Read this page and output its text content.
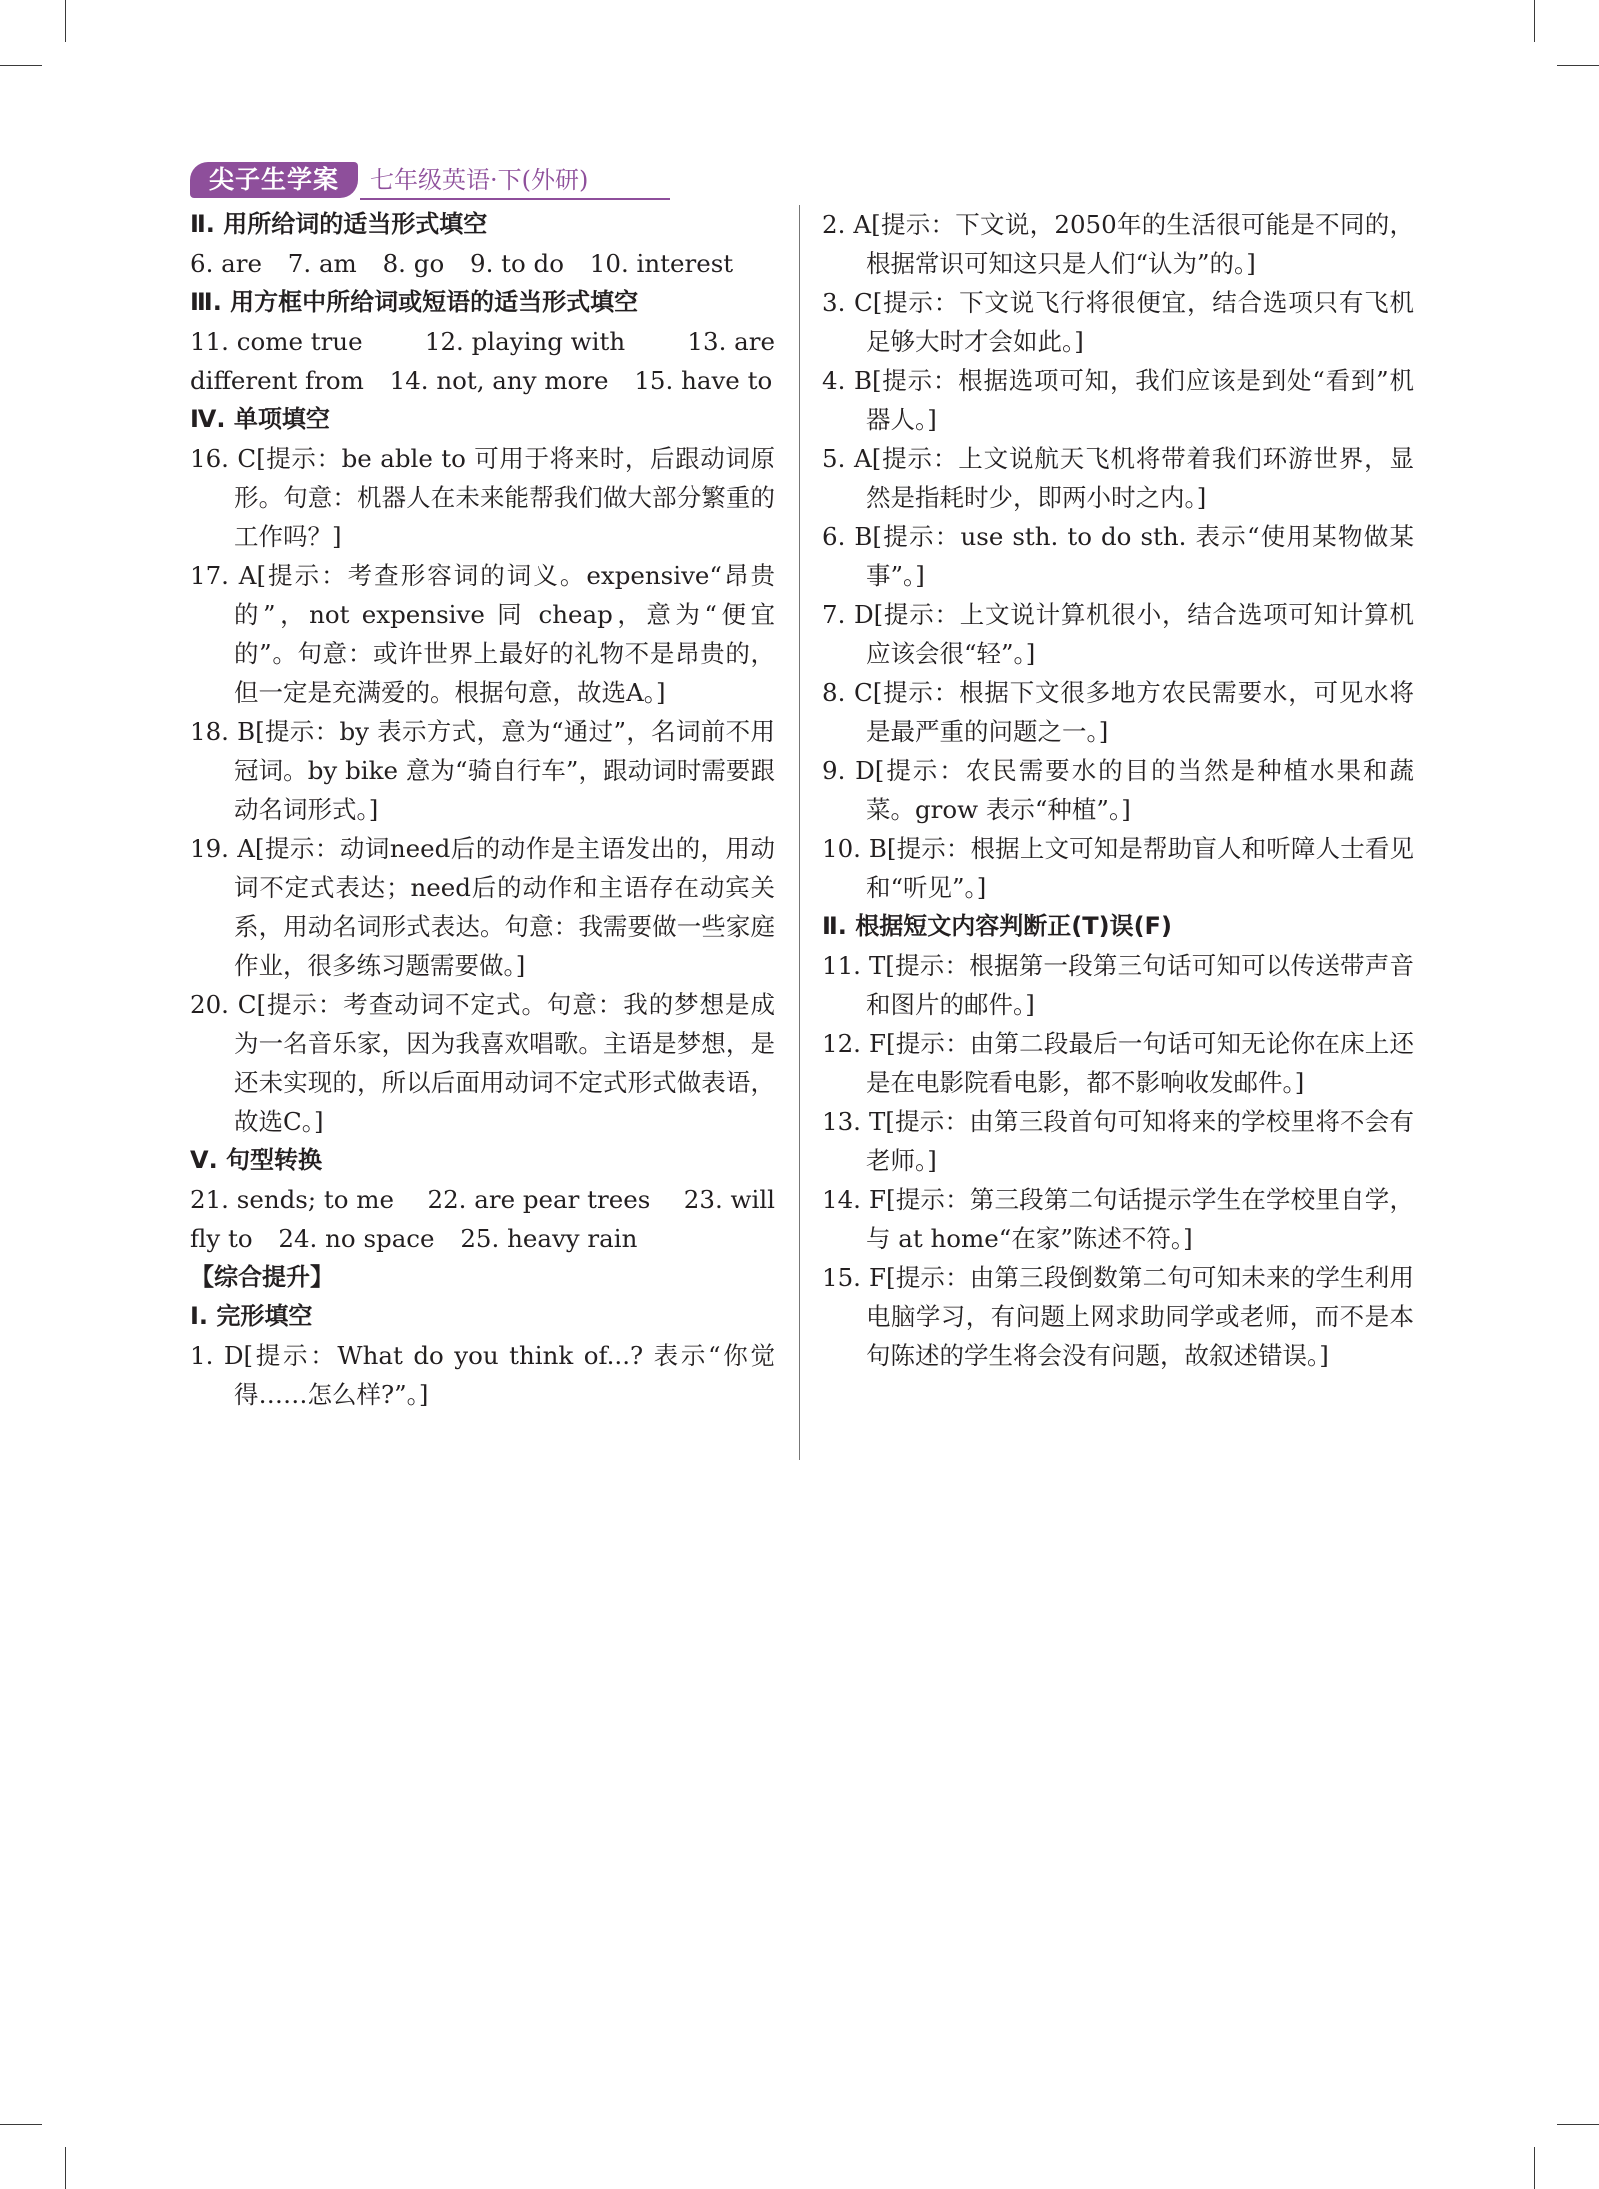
尖子生学案	七年级英语·下(外研)
Ⅱ. 用所给词的适当形式填空
6. are 7. am 8. go 9. to do 10. interest
Ⅲ. 用方框中所给词或短语的适当形式填空
11. come true	12. playing with	13. are
different from 14. not, any more 15. have to
Ⅳ. 单项填空
16. C[提示：be able to 可用于将来时，后跟动词原形。句意：机器人在未来能帮我们做大部分繁重的工作吗？]
17. A[提示：考查形容词的词义。expensive“昂贵的”，not expensive 同 cheap，意为“便宜的”。句意：或许世界上最好的礼物不是昂贵的，但一定是充满爱的。根据句意，故选A。]
18. B[提示：by 表示方式，意为“通过”，名词前不用冠词。by bike 意为“骑自行车”，跟动词时需要跟动名词形式。]
19. A[提示：动词need后的动作是主语发出的，用动词不定式表达；need后的动作和主语存在动宾关系，用动名词形式表达。句意：我需要做一些家庭作业，很多练习题需要做。]
20. C[提示：考查动词不定式。句意：我的梦想是成为一名音乐家，因为我喜欢唱歌。主语是梦想，是还未实现的，所以后面用动词不定式形式做表语，故选C。]
Ⅴ. 句型转换
21. sends; to me 22. are pear trees 23. will
fly to 24. no space 25. heavy rain
【综合提升】
Ⅰ. 完形填空
1. D[提示：What do you think of...? 表示“你觉得……怎么样?”。]
2. A[提示：下文说，2050年的生活很可能是不同的，根据常识可知这只是人们“认为”的。]
3. C[提示：下文说飞行将很便宜，结合选项只有飞机足够大时才会如此。]
4. B[提示：根据选项可知，我们应该是到处“看到”机器人。]
5. A[提示：上文说航天飞机将带着我们环游世界，显然是指耗时少，即两小时之内。]
6. B[提示：use sth. to do sth. 表示“使用某物做某事”。]
7. D[提示：上文说计算机很小，结合选项可知计算机应该会很“轻”。]
8. C[提示：根据下文很多地方农民需要水，可见水将是最严重的问题之一。]
9. D[提示：农民需要水的目的当然是种植水果和蔬菜。grow 表示“种植”。]
10. B[提示：根据上文可知是帮助盲人和听障人士看见和“听见”。]
Ⅱ. 根据短文内容判断正(T)误(F)
11. T[提示：根据第一段第三句话可知可以传送带声音和图片的邮件。]
12. F[提示：由第二段最后一句话可知无论你在床上还是在电影院看电影，都不影响收发邮件。]
13. T[提示：由第三段首句可知将来的学校里将不会有老师。]
14. F[提示：第三段第二句话提示学生在学校里自学，与 at home“在家”陈述不符。]
15. F[提示：由第三段倒数第二句可知未来的学生利用电脑学习，有问题上网求助同学或老师，而不是本句陈述的学生将会没有问题，故叙述错误。]
